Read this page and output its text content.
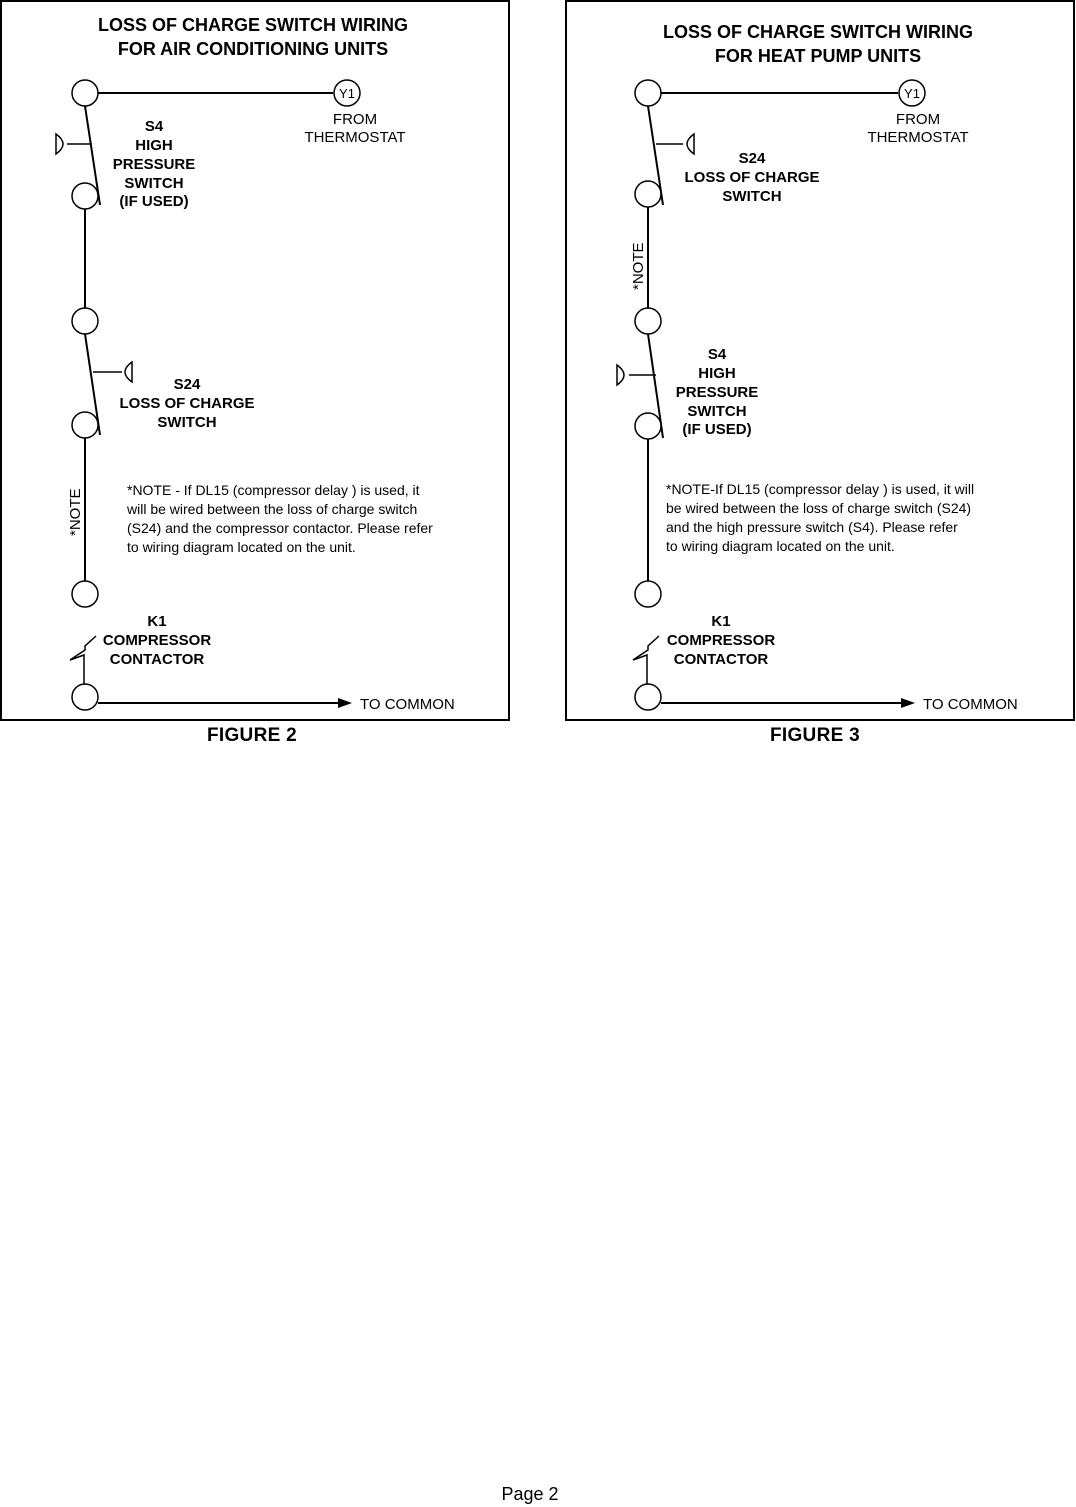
LOSS OF CHARGE SWITCH WIRING
FOR AIR CONDITIONING UNITS
Y1
FROM
THERMOSTAT
S4
HIGH
PRESSURE
SWITCH
(IF USED)
S24
LOSS OF CHARGE
SWITCH
*NOTE	*NOTE - If DL15 (compressor delay ) is used, it
will be wired between the loss of charge switch
(S24) and the compressor contactor. Please refer
to wiring diagram located on the unit.
K1
COMPRESSOR
CONTACTOR
TO COMMON
FIGURE 2
LOSS OF CHARGE SWITCH WIRING
FOR HEAT PUMP UNITS
Y1
FROM
THERMOSTAT
S24
LOSS OF CHARGE
SWITCH
*NOTE
S4
HIGH
PRESSURE
SWITCH
(IF USED)
*NOTE-If DL15 (compressor delay ) is used, it will
be wired between the loss of charge switch (S24)
and the high pressure switch (S4). Please refer
to wiring diagram located on the unit.
K1
COMPRESSOR
CONTACTOR
TO COMMON
FIGURE 3
Page 2
